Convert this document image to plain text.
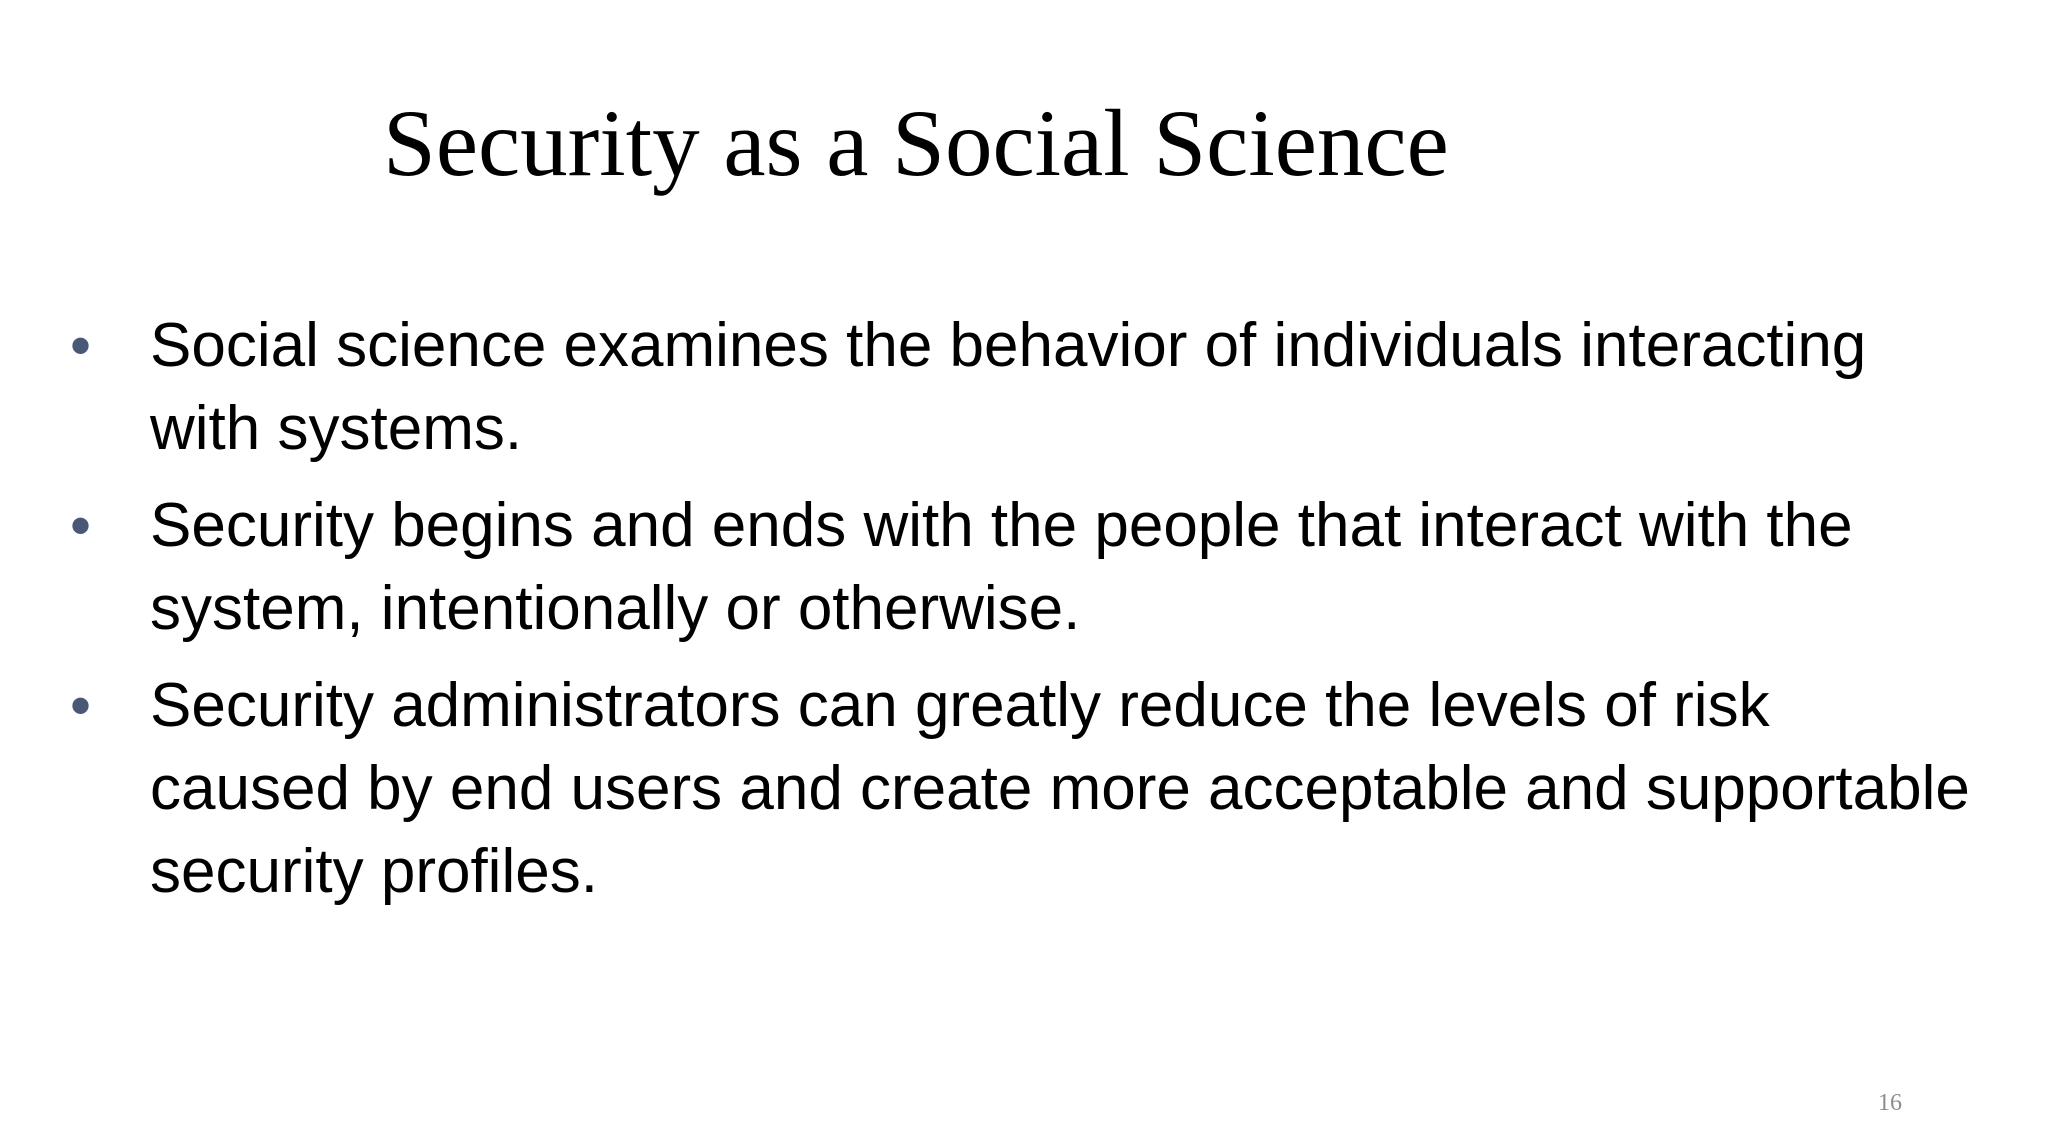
Security as a Social Science
• Social science examines the behavior of individuals interacting with systems.
• Security begins and ends with the people that interact with the system, intentionally or otherwise.
• Security administrators can greatly reduce the levels of risk caused by end users and create more acceptable and supportable security profiles.
16
